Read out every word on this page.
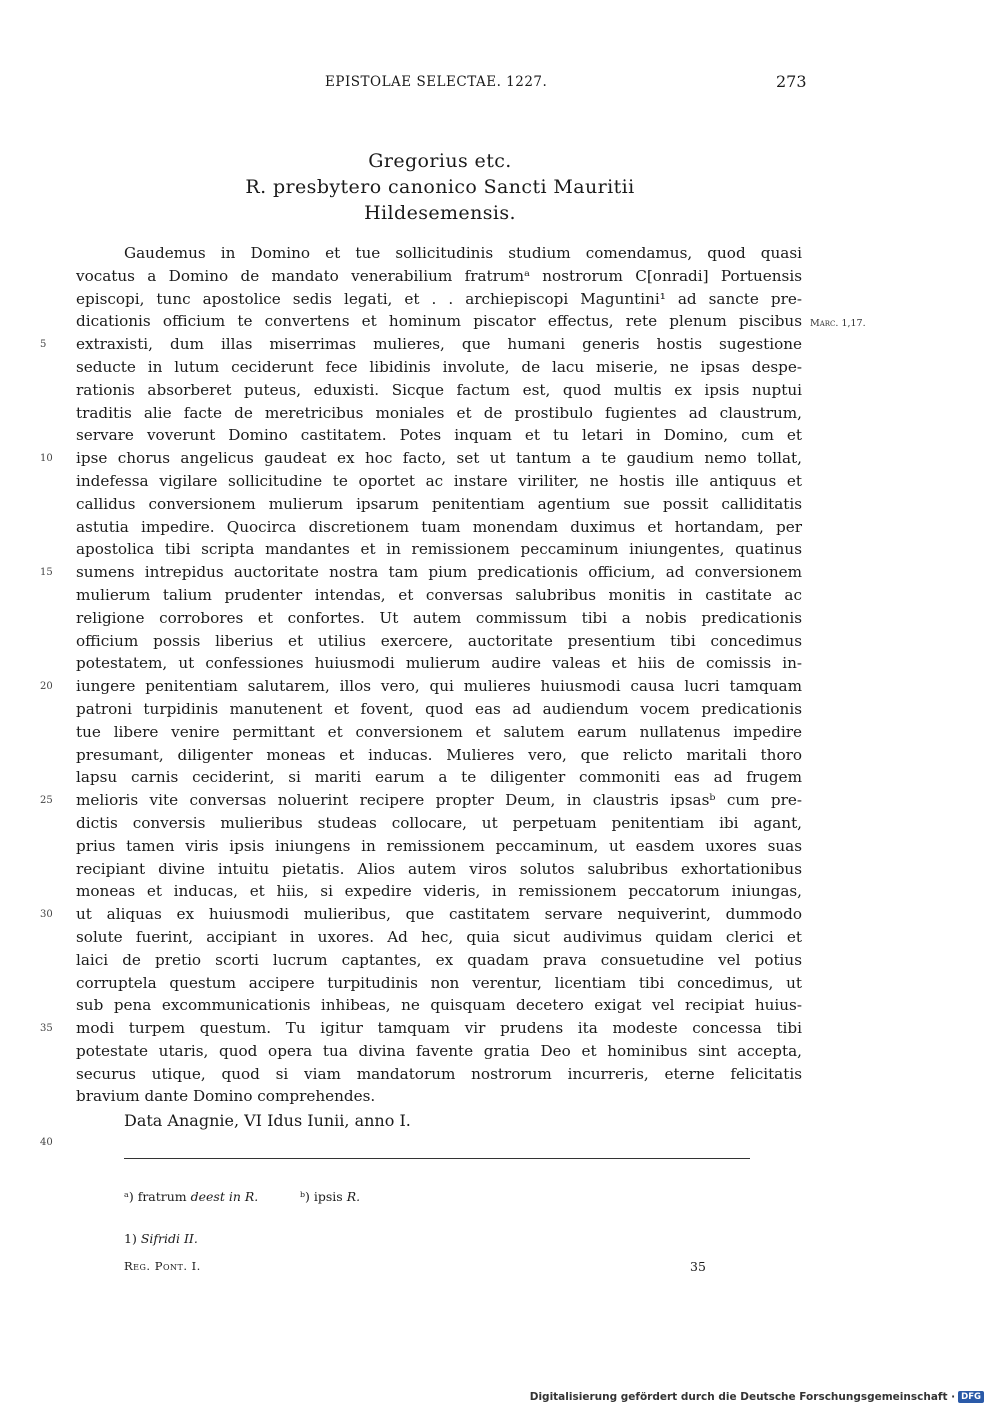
EPISTOLAE SELECTAE. 1227.	273
Gregorius etc.
R. presbytero canonico Sancti Mauritii
Hildesemensis.
Marc. 1,17.
5
10
15
20
25
30
35
40
Gaudemus in Domino et tue sollicitudinis studium comendamus, quod quasi
vocatus a Domino de mandato venerabilium fratrumᵃ nostrorum C[onradi] Portuensis
episcopi, tunc apostolice sedis legati, et . . archiepiscopi Maguntini¹ ad sancte pre-
dicationis officium te convertens et hominum piscator effectus, rete plenum piscibus
extraxisti, dum illas miserrimas mulieres, que humani generis hostis sugestione
seducte in lutum ceciderunt fece libidinis involute, de lacu miserie, ne ipsas despe-
rationis absorberet puteus, eduxisti. Sicque factum est, quod multis ex ipsis nuptui
traditis alie facte de meretricibus moniales et de prostibulo fugientes ad claustrum,
servare voverunt Domino castitatem. Potes inquam et tu letari in Domino, cum et
ipse chorus angelicus gaudeat ex hoc facto, set ut tantum a te gaudium nemo tollat,
indefessa vigilare sollicitudine te oportet ac instare viriliter, ne hostis ille antiquus et
callidus conversionem mulierum ipsarum penitentiam agentium sue possit calliditatis
astutia impedire. Quocirca discretionem tuam monendam duximus et hortandam, per
apostolica tibi scripta mandantes et in remissionem peccaminum iniungentes, quatinus
sumens intrepidus auctoritate nostra tam pium predicationis officium, ad conversionem
mulierum talium prudenter intendas, et conversas salubribus monitis in castitate ac
religione corrobores et confortes. Ut autem commissum tibi a nobis predicationis
officium possis liberius et utilius exercere, auctoritate presentium tibi concedimus
potestatem, ut confessiones huiusmodi mulierum audire valeas et hiis de comissis in-
iungere penitentiam salutarem, illos vero, qui mulieres huiusmodi causa lucri tamquam
patroni turpidinis manutenent et fovent, quod eas ad audiendum vocem predicationis
tue libere venire permittant et conversionem et salutem earum nullatenus impedire
presumant, diligenter moneas et inducas. Mulieres vero, que relicto maritali thoro
lapsu carnis ceciderint, si mariti earum a te diligenter commoniti eas ad frugem
melioris vite conversas noluerint recipere propter Deum, in claustris ipsasᵇ cum pre-
dictis conversis mulieribus studeas collocare, ut perpetuam penitentiam ibi agant,
prius tamen viris ipsis iniungens in remissionem peccaminum, ut easdem uxores suas
recipiant divine intuitu pietatis. Alios autem viros solutos salubribus exhortationibus
moneas et inducas, et hiis, si expedire videris, in remissionem peccatorum iniungas,
ut aliquas ex huiusmodi mulieribus, que castitatem servare nequiverint, dummodo
solute fuerint, accipiant in uxores. Ad hec, quia sicut audivimus quidam clerici et
laici de pretio scorti lucrum captantes, ex quadam prava consuetudine vel potius
corruptela questum accipere turpitudinis non verentur, licentiam tibi concedimus, ut
sub pena excommunicationis inhibeas, ne quisquam decetero exigat vel recipiat huius-
modi turpem questum. Tu igitur tamquam vir prudens ita modeste concessa tibi
potestate utaris, quod opera tua divina favente gratia Deo et hominibus sint accepta,
securus utique, quod si viam mandatorum nostrorum incurreris, eterne felicitatis
bravium dante Domino comprehendes.
Data Anagnie, VI Idus Iunii, anno I.
ᵃ) fratrum deest in R.	ᵇ) ipsis R.
1) Sifridi II.
Reg. Pont. I.	35
Digitalisierung gefördert durch die Deutsche Forschungsgemeinschaft · DFG
